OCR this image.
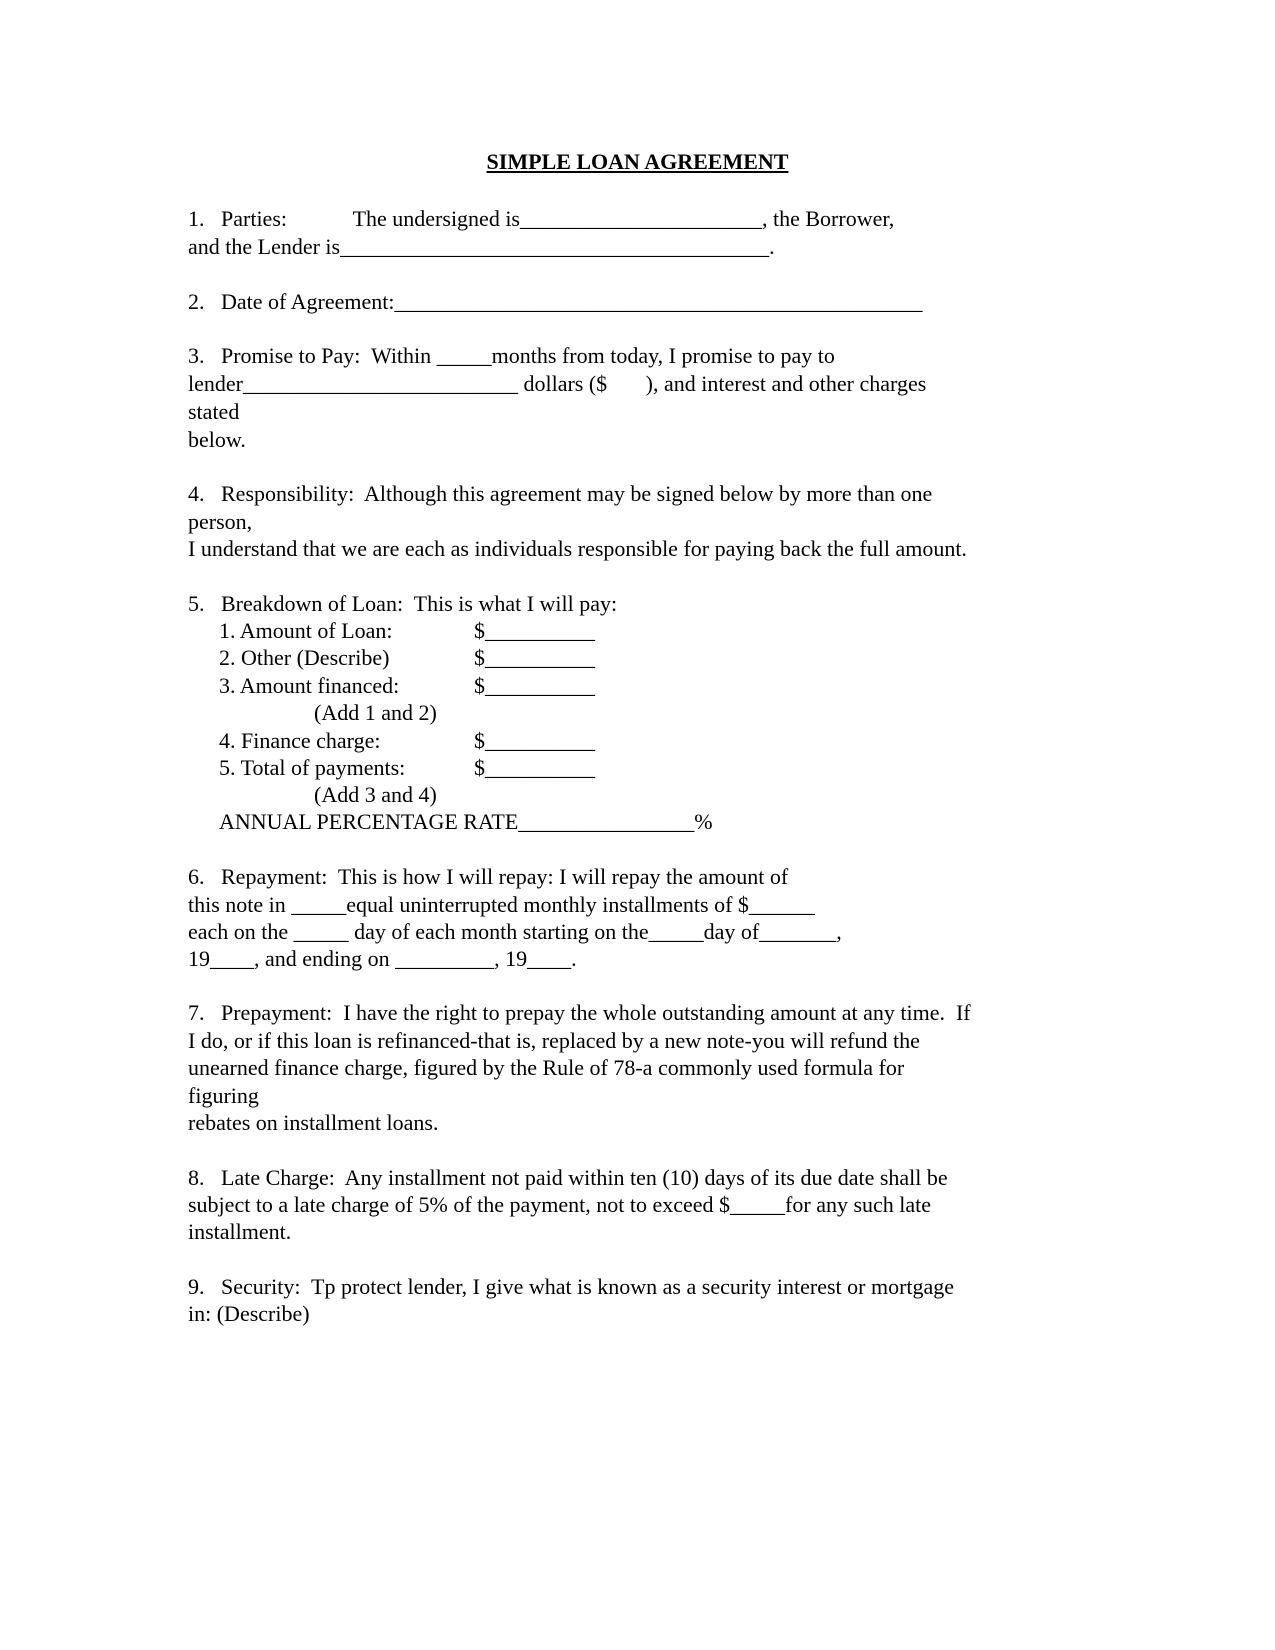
SIMPLE LOAN AGREEMENT

1.   Parties:            The undersigned is______________________, the Borrower,

and the Lender is_______________________________________.

2.   Date of Agreement:________________________________________________

3.   Promise to Pay:  Within _____months from today, I promise to pay to

lender_________________________ dollars ($       ), and interest and other charges

stated

below.

4.   Responsibility:  Although this agreement may be signed below by more than one

person,

I understand that we are each as individuals responsible for paying back the full amount.

5.   Breakdown of Loan:  This is what I will pay:

1. Amount of Loan:	$__________

2. Other (Describe)	$__________

3. Amount financed:	$__________

(Add 1 and 2)

4. Finance charge:	$__________

5. Total of payments:	$__________

(Add 3 and 4)

ANNUAL PERCENTAGE RATE________________%

6.   Repayment:  This is how I will repay: I will repay the amount of

this note in _____equal uninterrupted monthly installments of $______

each on the _____ day of each month starting on the_____day of_______,

19____, and ending on _________, 19____.

7.   Prepayment:  I have the right to prepay the whole outstanding amount at any time.  If

I do, or if this loan is refinanced-that is, replaced by a new note-you will refund the

unearned finance charge, figured by the Rule of 78-a commonly used formula for

figuring

rebates on installment loans.

8.   Late Charge:  Any installment not paid within ten (10) days of its due date shall be

subject to a late charge of 5% of the payment, not to exceed $_____for any such late

installment.

9.   Security:  Tp protect lender, I give what is known as a security interest or mortgage

in: (Describe)
